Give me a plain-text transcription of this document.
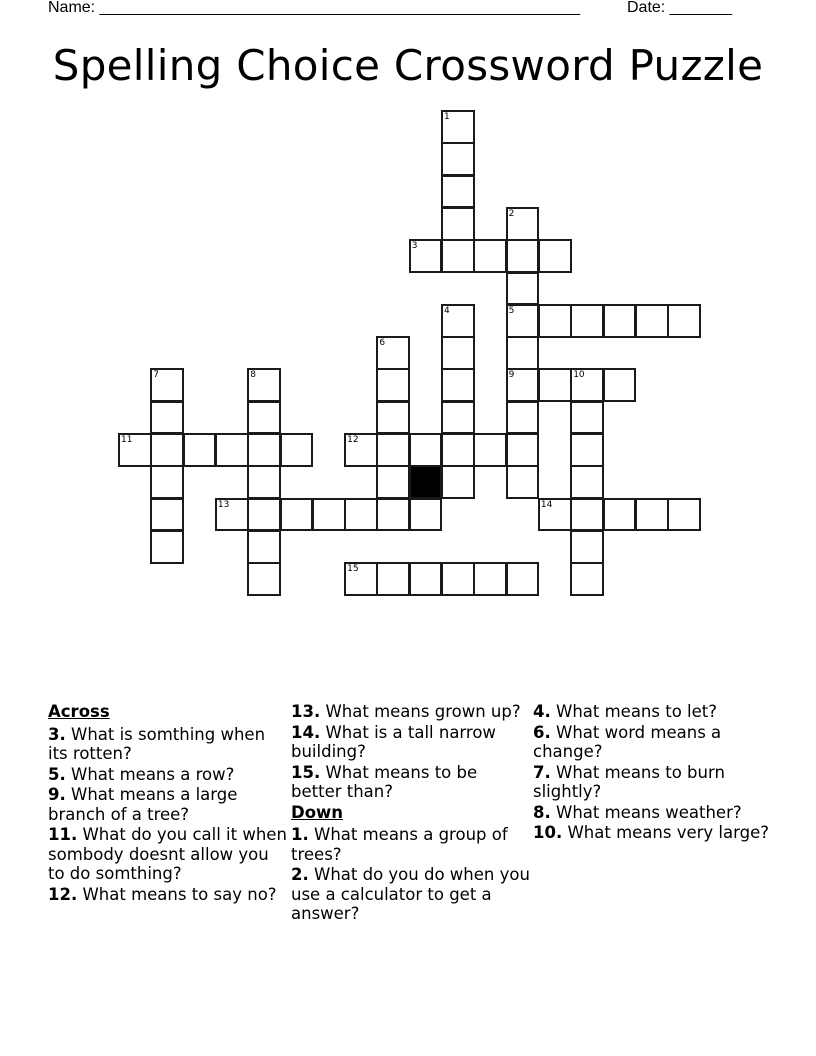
Name: ______________________________________________________	Date: _______
Spelling Choice Crossword Puzzle
1
2
5
9
3
4
6
7	8	10
11	12
13	14
15
Across
3. What is somthing when its rotten?
5. What means a row?
9. What means a large branch of a tree?
11. What do you call it when sombody doesnt allow you to do somthing?
12. What means to say no?
13. What means grown up?
14. What is a tall narrow building?
15. What means to be better than?
Down
1. What means a group of trees?
2. What do you do when you use a calculator to get a answer?
4. What means to let?
6. What word means a change?
7. What means to burn slightly?
8. What means weather?
10. What means very large?
